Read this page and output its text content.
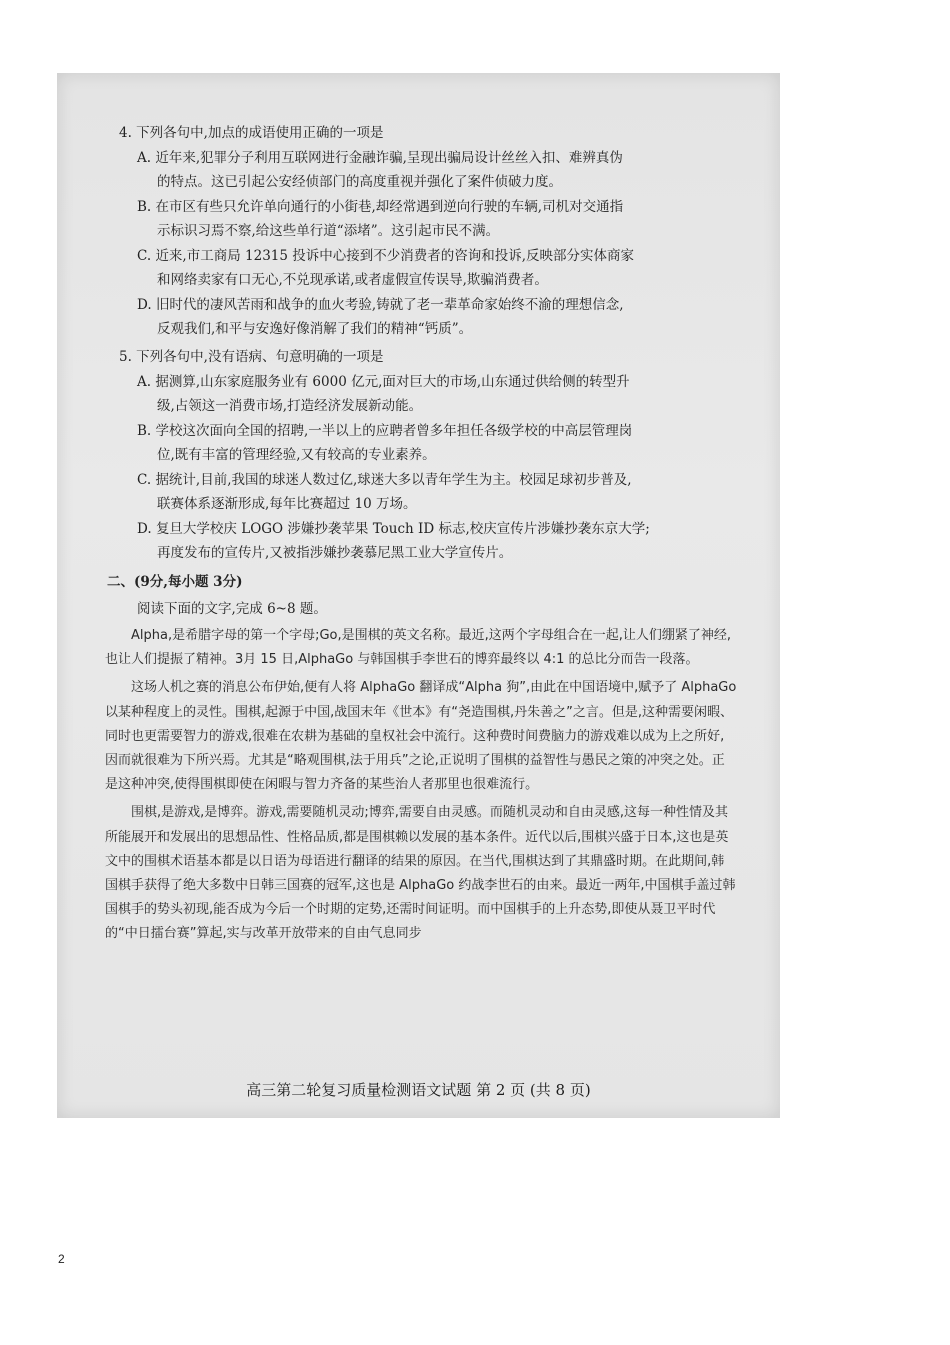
4. 下列各句中,加点的成语使用正确的一项是

A. 近年来,犯罪分子利用互联网进行金融诈骗,呈现出骗局设计丝丝入扣、难辨真伪
的特点。这已引起公安经侦部门的高度重视并强化了案件侦破力度。
B. 在市区有些只允许单向通行的小街巷,却经常遇到逆向行驶的车辆,司机对交通指
示标识习焉不察,给这些单行道“添堵”。这引起市民不满。
C. 近来,市工商局 12315 投诉中心接到不少消费者的咨询和投诉,反映部分实体商家
和网络卖家有口无心,不兑现承诺,或者虚假宣传误导,欺骗消费者。
D. 旧时代的凄风苦雨和战争的血火考验,铸就了老一辈革命家始终不渝的理想信念,
反观我们,和平与安逸好像消解了我们的精神“钙质”。

5. 下列各句中,没有语病、句意明确的一项是

A. 据测算,山东家庭服务业有 6000 亿元,面对巨大的市场,山东通过供给侧的转型升
级,占领这一消费市场,打造经济发展新动能。
B. 学校这次面向全国的招聘,一半以上的应聘者曾多年担任各级学校的中高层管理岗
位,既有丰富的管理经验,又有较高的专业素养。
C. 据统计,目前,我国的球迷人数过亿,球迷大多以青年学生为主。校园足球初步普及,
联赛体系逐渐形成,每年比赛超过 10 万场。
D. 复旦大学校庆 LOGO 涉嫌抄袭苹果 Touch ID 标志,校庆宣传片涉嫌抄袭东京大学;
再度发布的宣传片,又被指涉嫌抄袭慕尼黑工业大学宣传片。
二、(9分,每小题 3分)
阅读下面的文字,完成 6~8 题。

Alpha,是希腊字母的第一个字母;Go,是围棋的英文名称。最近,这两个字母组合在一起,让人们绷紧了神经,也让人们提振了精神。3月 15 日,AlphaGo 与韩国棋手李世石的博弈最终以 4:1 的总比分而告一段落。

这场人机之赛的消息公布伊始,便有人将 AlphaGo 翻译成“Alpha 狗”,由此在中国语境中,赋予了 AlphaGo 以某种程度上的灵性。围棋,起源于中国,战国末年《世本》有“尧造围棋,丹朱善之”之言。但是,这种需要闲暇、同时也更需要智力的游戏,很难在农耕为基础的皇权社会中流行。这种费时间费脑力的游戏难以成为上之所好,因而就很难为下所兴焉。尤其是“略观围棋,法于用兵”之论,正说明了围棋的益智性与愚民之策的冲突之处。正是这种冲突,使得围棋即使在闲暇与智力齐备的某些治人者那里也很难流行。

围棋,是游戏,是博弈。游戏,需要随机灵动;博弈,需要自由灵感。而随机灵动和自由灵感,这每一种性情及其所能展开和发展出的思想品性、性格品质,都是围棋赖以发展的基本条件。近代以后,围棋兴盛于日本,这也是英文中的围棋术语基本都是以日语为母语进行翻译的结果的原因。在当代,围棋达到了其鼎盛时期。在此期间,韩国棋手获得了绝大多数中日韩三国赛的冠军,这也是 AlphaGo 约战李世石的由来。最近一两年,中国棋手盖过韩国棋手的势头初现,能否成为今后一个时期的定势,还需时间证明。而中国棋手的上升态势,即使从聂卫平时代的“中日擂台赛”算起,实与改革开放带来的自由气息同步

高三第二轮复习质量检测语文试题 第 2 页 (共 8 页)
2
